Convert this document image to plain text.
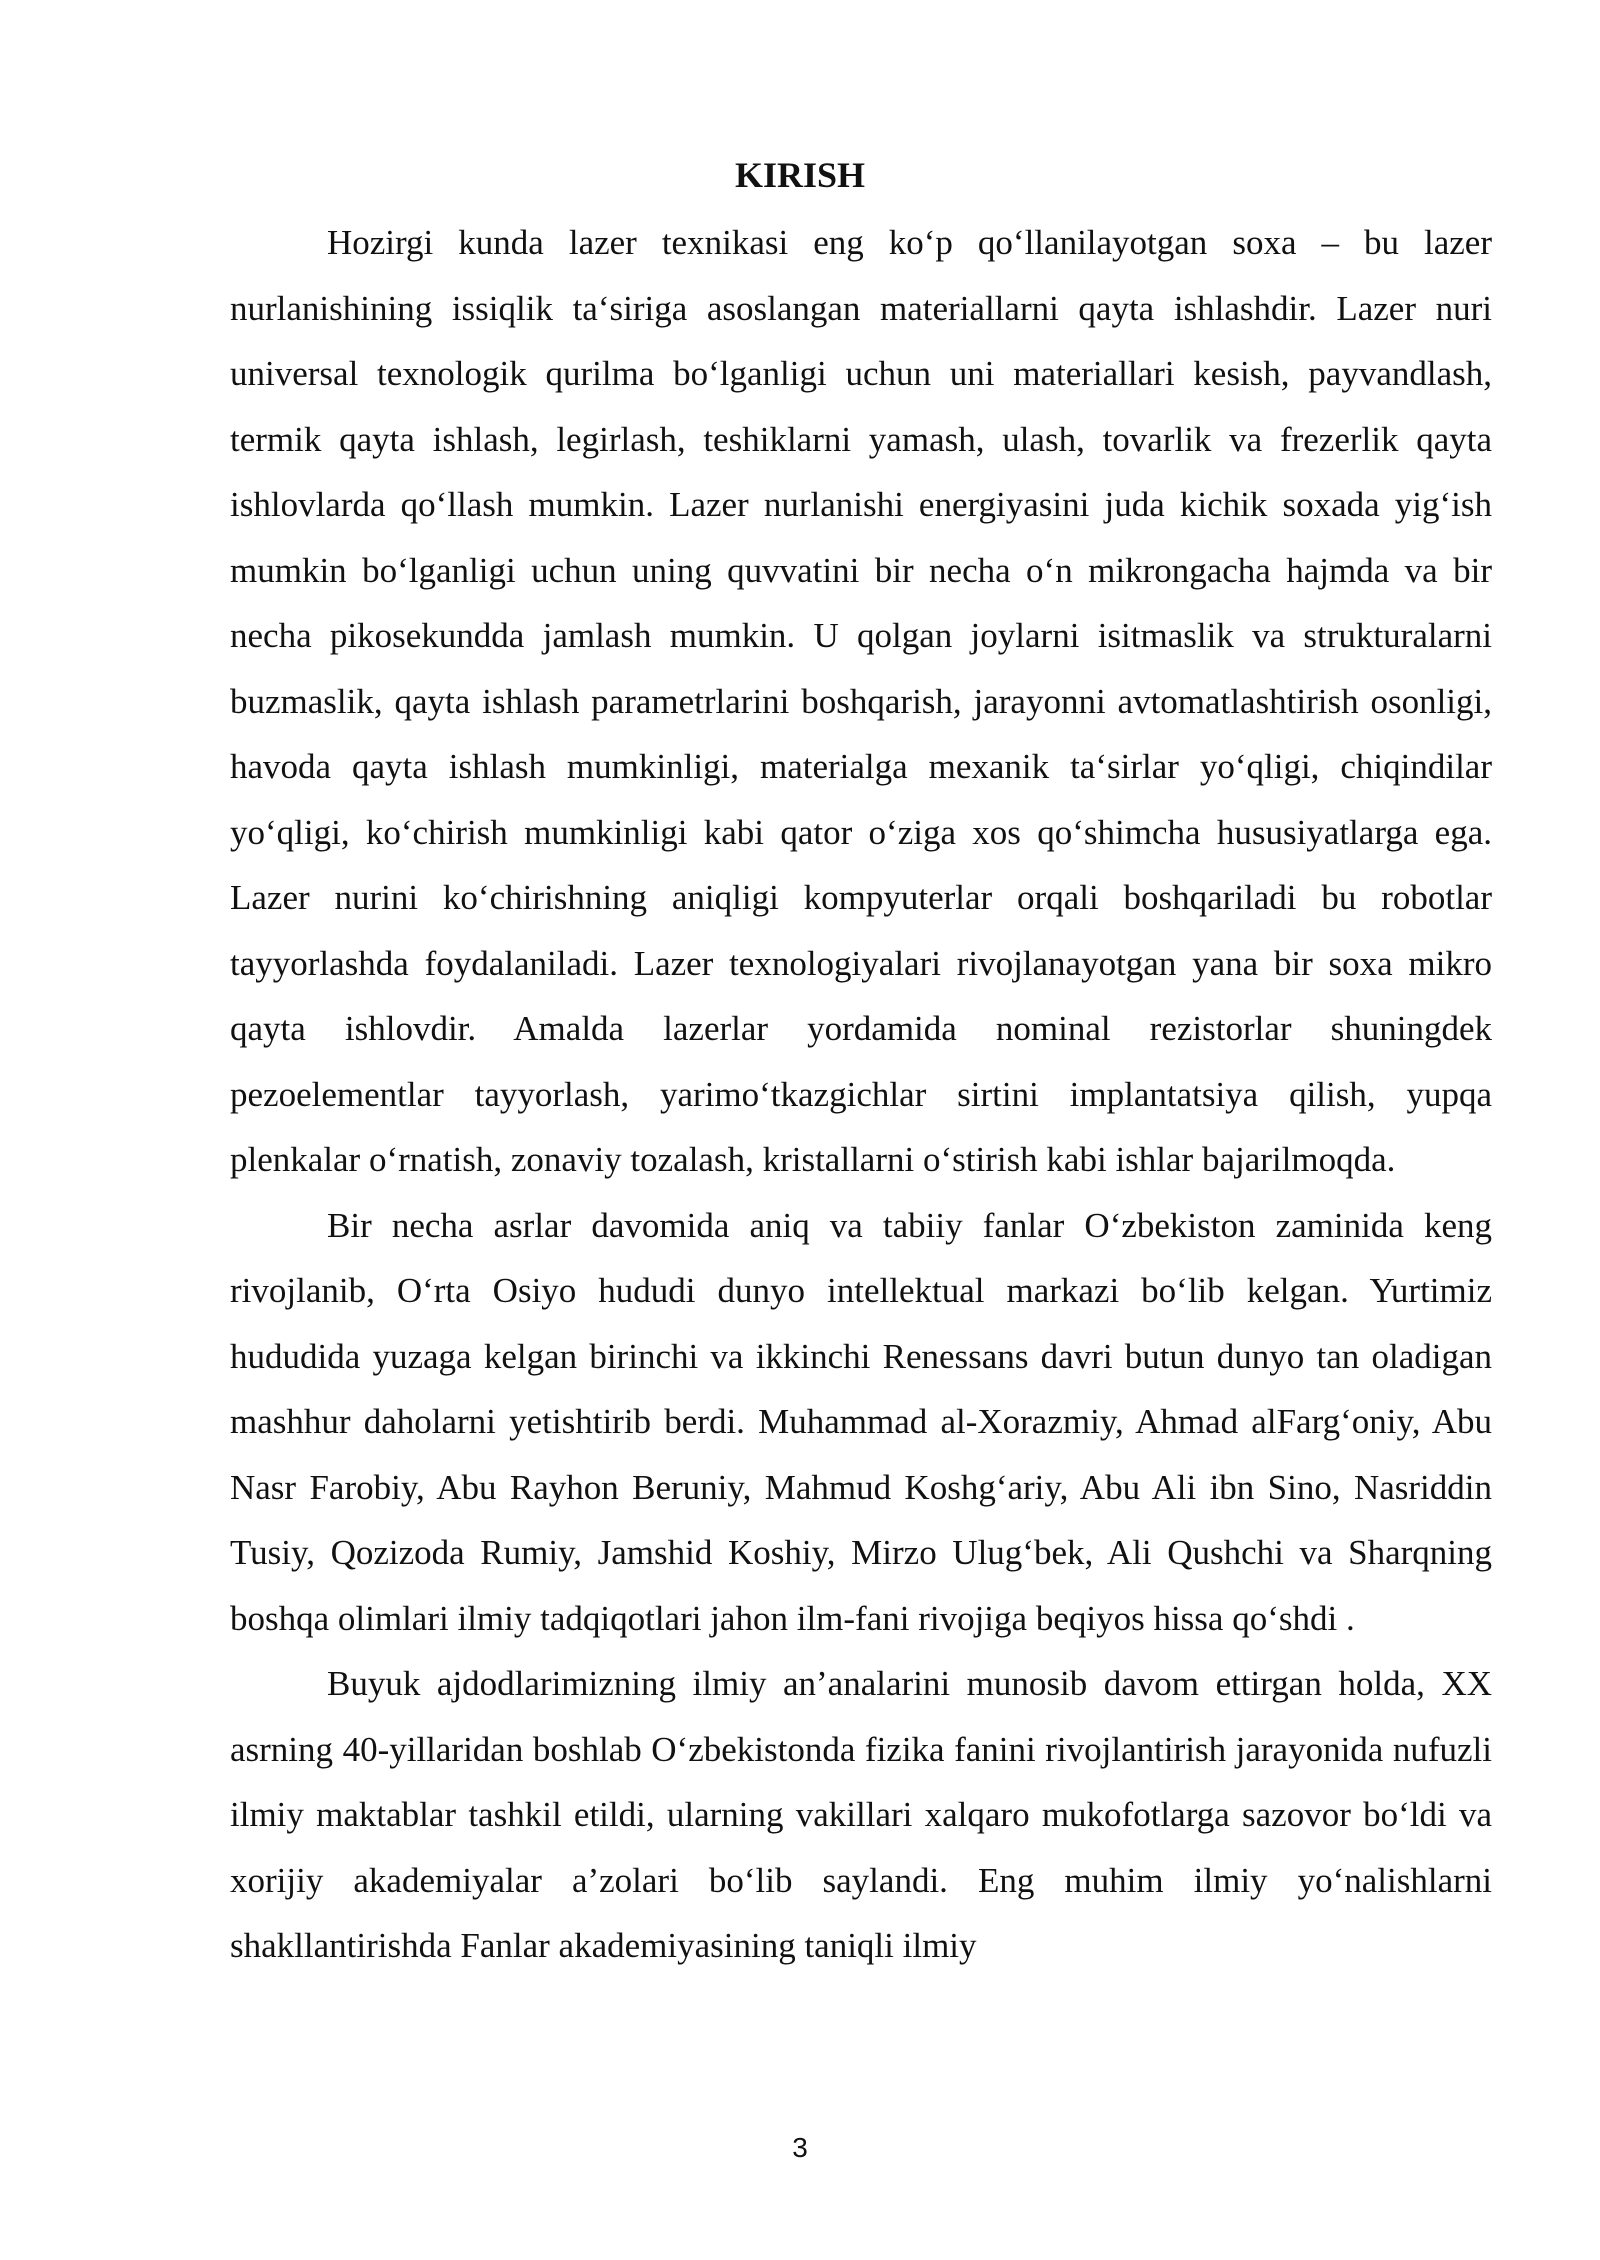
KIRISH

Hozirgi kunda lazer texnikasi eng ko‘p qo‘llanilayotgan soxa – bu lazer nurlanishining issiqlik ta‘siriga asoslangan materiallarni qayta ishlashdir. Lazer nuri universal texnologik qurilma bo‘lganligi uchun uni materiallari kesish, payvandlash, termik qayta ishlash, legirlash, teshiklarni yamash, ulash, tovarlik va frezerlik qayta ishlovlarda qo‘llash mumkin. Lazer nurlanishi energiyasini juda kichik soxada yig‘ish mumkin bo‘lganligi uchun uning quvvatini bir necha o‘n mikrongacha hajmda va bir necha pikosekundda jamlash mumkin. U qolgan joylarni isitmaslik va strukturalarni buzmaslik, qayta ishlash parametrlarini boshqarish, jarayonni avtomatlashtirish osonligi, havoda qayta ishlash mumkinligi, materialga mexanik ta‘sirlar yo‘qligi, chiqindilar yo‘qligi, ko‘chirish mumkinligi kabi qator o‘ziga xos qo‘shimcha hususiyatlarga ega. Lazer nurini ko‘chirishning aniqligi kompyuterlar orqali boshqariladi bu robotlar tayyorlashda foydalaniladi. Lazer texnologiyalari rivojlanayotgan yana bir soxa mikro qayta ishlovdir. Amalda lazerlar yordamida nominal rezistorlar shuningdek pezoelementlar tayyorlash, yarimo‘tkazgichlar sirtini implantatsiya qilish, yupqa plenkalar o‘rnatish, zonaviy tozalash, kristallarni o‘stirish kabi ishlar bajarilmoqda.

Bir necha asrlar davomida aniq va tabiiy fanlar O‘zbekiston zaminida keng rivojlanib, O‘rta Osiyo hududi dunyo intellektual markazi bo‘lib kelgan. Yurtimiz hududida yuzaga kelgan birinchi va ikkinchi Renessans davri butun dunyo tan oladigan mashhur daholarni yetishtirib berdi. Muhammad al-Xorazmiy, Ahmad alFarg‘oniy, Abu Nasr Farobiy, Abu Rayhon Beruniy, Mahmud Koshg‘ariy, Abu Ali ibn Sino, Nasriddin Tusiy, Qozizoda Rumiy, Jamshid Koshiy, Mirzo Ulug‘bek, Ali Qushchi va Sharqning boshqa olimlari ilmiy tadqiqotlari jahon ilm-fani rivojiga beqiyos hissa qo‘shdi .

Buyuk ajdodlarimizning ilmiy an’analarini munosib davom ettirgan holda, XX asrning 40-yillaridan boshlab O‘zbekistonda fizika fanini rivojlantirish jarayonida nufuzli ilmiy maktablar tashkil etildi, ularning vakillari xalqaro mukofotlarga sazovor bo‘ldi va xorijiy akademiyalar a’zolari bo‘lib saylandi. Eng muhim ilmiy yo‘nalishlarni shakllantirishda Fanlar akademiyasining taniqli ilmiy

3
